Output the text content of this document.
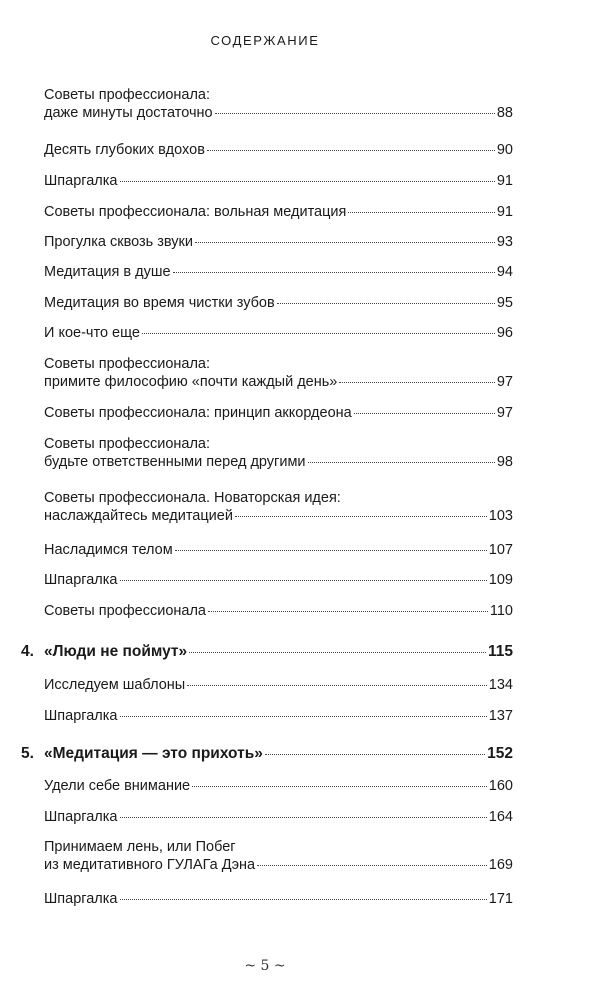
СОДЕРЖАНИЕ
Советы профессионала:
даже минуты достаточно	88
Десять глубоких вдохов	90
Шпаргалка	91
Советы профессионала: вольная медитация	91
Прогулка сквозь звуки	93
Медитация в душе	94
Медитация во время чистки зубов	95
И кое-что еще	96
Советы профессионала:
примите философию «почти каждый день»	97
Советы профессионала: принцип аккордеона	97
Советы профессионала:
будьте ответственными перед другими	98
Советы профессионала. Новаторская идея:
наслаждайтесь медитацией	103
Насладимся телом	107
Шпаргалка	109
Советы профессионала	110
4. «Люди не поймут»	115
Исследуем шаблоны	134
Шпаргалка	137
5. «Медитация — это прихоть»	152
Удели себе внимание	160
Шпаргалка	164
Принимаем лень, или Побег
из медитативного ГУЛАГа Дэна	169
Шпаргалка	171
~ 5 ~
